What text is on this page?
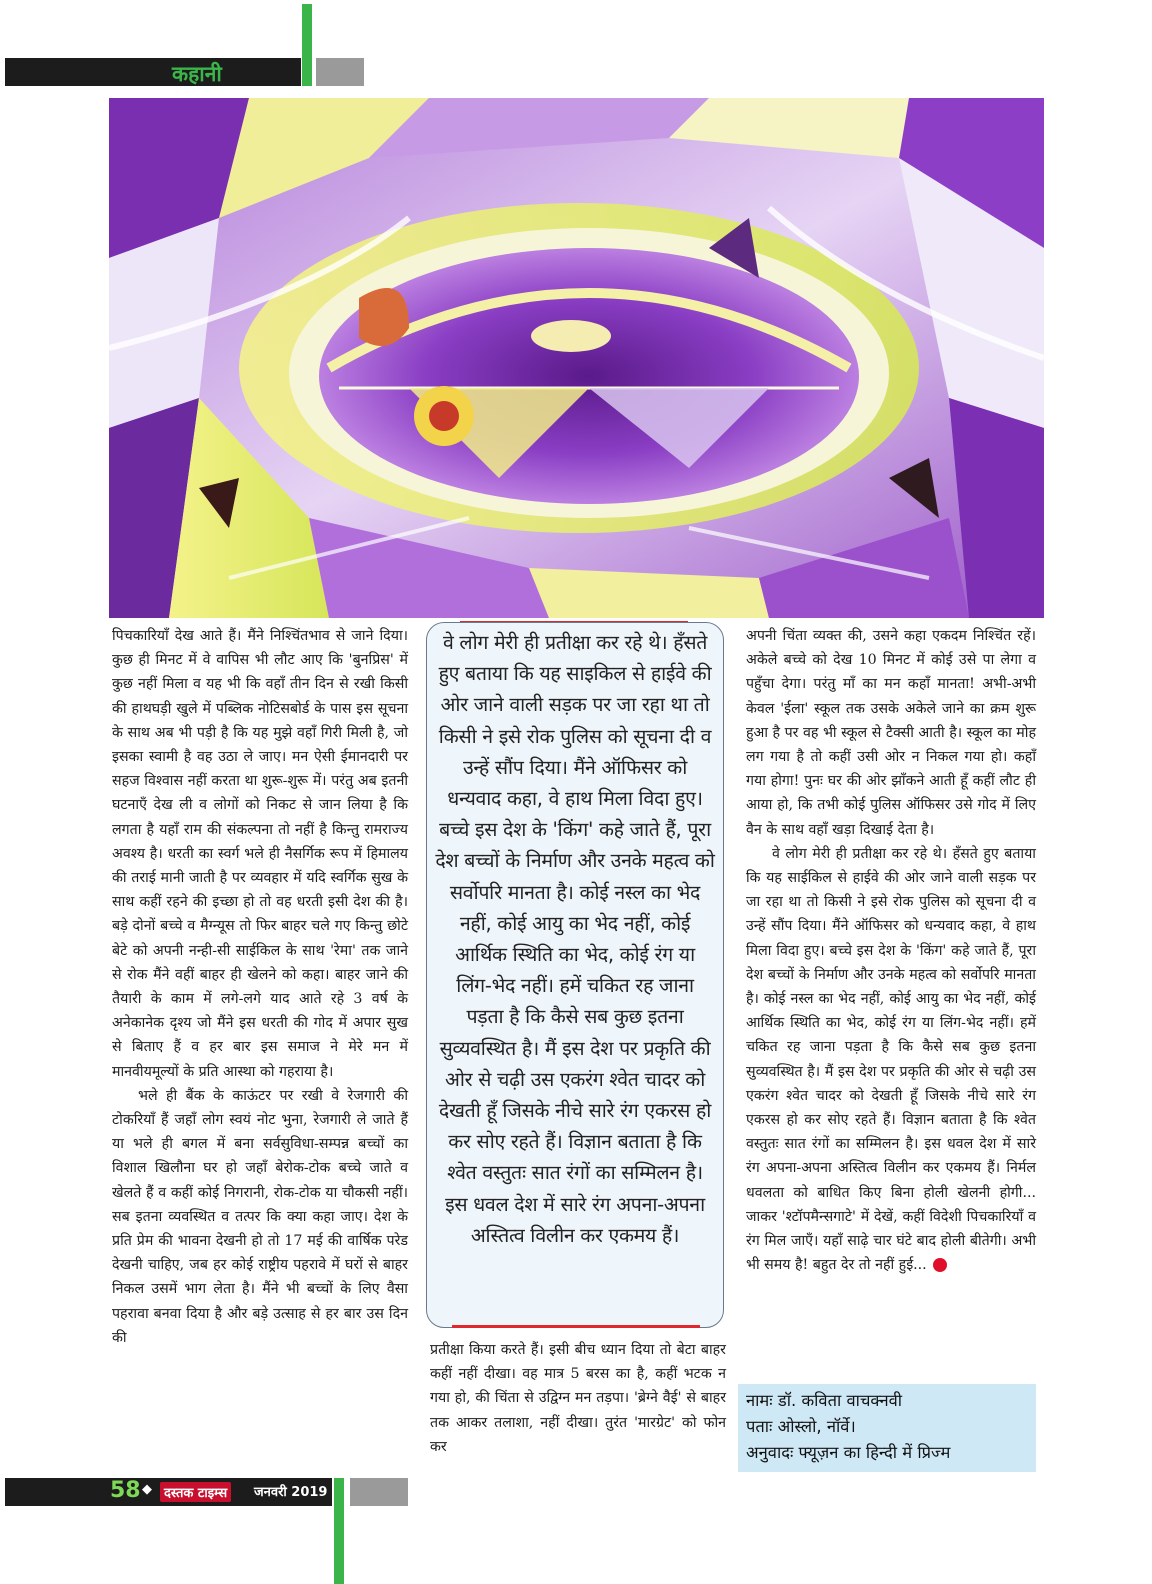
कहानी

पिचकारियाँ देख आते हैं। मैंने निश्चिंतभाव से जाने दिया। कुछ ही मिनट में वे वापिस भी लौट आए कि 'बुनप्रिस' में कुछ नहीं मिला व यह भी कि वहाँ तीन दिन से रखी किसी की हाथघड़ी खुले में पब्लिक नोटिसबोर्ड के पास इस सूचना के साथ अब भी पड़ी है कि यह मुझे वहाँ गिरी मिली है, जो इसका स्वामी है वह उठा ले जाए। मन ऐसी ईमानदारी पर सहज विश्वास नहीं करता था शुरू-शुरू में। परंतु अब इतनी घटनाएँ देख ली व लोगों को निकट से जान लिया है कि लगता है यहाँ राम की संकल्पना तो नहीं है किन्तु रामराज्य अवश्य है। धरती का स्वर्ग भले ही नैसर्गिक रूप में हिमालय की तराई मानी जाती है पर व्यवहार में यदि स्वर्गिक सुख के साथ कहीं रहने की इच्छा हो तो वह धरती इसी देश की है। बड़े दोनों बच्चे व मैग्न्यूस तो फिर बाहर चले गए किन्तु छोटे बेटे को अपनी नन्ही-सी साईकिल के साथ 'रेमा' तक जाने से रोक मैंने वहीं बाहर ही खेलने को कहा। बाहर जाने की तैयारी के काम में लगे-लगे याद आते रहे 3 वर्ष के अनेकानेक दृश्य जो मैंने इस धरती की गोद में अपार सुख से बिताए हैं व हर बार इस समाज ने मेरे मन में मानवीयमूल्यों के प्रति आस्था को गहराया है।

भले ही बैंक के काऊंटर पर रखी वे रेजगारी की टोकरियाँ हैं जहाँ लोग स्वयं नोट भुना, रेजगारी ले जाते हैं या भले ही बगल में बना सर्वसुविधा-सम्पन्न बच्चों का विशाल खिलौना घर हो जहाँ बेरोक-टोक बच्चे जाते व खेलते हैं व कहीं कोई निगरानी, रोक-टोक या चौकसी नहीं। सब इतना व्यवस्थित व तत्पर कि क्या कहा जाए। देश के प्रति प्रेम की भावना देखनी हो तो 17 मई की वार्षिक परेड देखनी चाहिए, जब हर कोई राष्ट्रीय पहरावे में घरों से बाहर निकल उसमें भाग लेता है। मैंने भी बच्चों के लिए वैसा पहरावा बनवा दिया है और बड़े उत्साह से हर बार उस दिन की

वे लोग मेरी ही प्रतीक्षा कर रहे थे। हँसते हुए बताया कि यह साइकिल से हाईवे की ओर जाने वाली सड़क पर जा रहा था तो किसी ने इसे रोक पुलिस को सूचना दी व उन्हें सौंप दिया। मैंने ऑफिसर को धन्यवाद कहा, वे हाथ मिला विदा हुए। बच्चे इस देश के 'किंग' कहे जाते हैं, पूरा देश बच्चों के निर्माण और उनके महत्व को सर्वोपरि मानता है। कोई नस्ल का भेद नहीं, कोई आयु का भेद नहीं, कोई आर्थिक स्थिति का भेद, कोई रंग या लिंग-भेद नहीं। हमें चकित रह जाना पड़ता है कि कैसे सब कुछ इतना सुव्यवस्थित है। मैं इस देश पर प्रकृति की ओर से चढ़ी उस एकरंग श्वेत चादर को देखती हूँ जिसके नीचे सारे रंग एकरस हो कर सोए रहते हैं। विज्ञान बताता है कि श्वेत वस्तुतः सात रंगों का सम्मिलन है। इस धवल देश में सारे रंग अपना-अपना अस्तित्व विलीन कर एकमय हैं।

प्रतीक्षा किया करते हैं। इसी बीच ध्यान दिया तो बेटा बाहर कहीं नहीं दीखा। वह मात्र 5 बरस का है, कहीं भटक न गया हो, की चिंता से उद्विग्न मन तड़पा। 'ब्रेग्ने वैई' से बाहर तक आकर तलाशा, नहीं दीखा। तुरंत 'मारग्रेट' को फोन कर

अपनी चिंता व्यक्त की, उसने कहा एकदम निश्चिंत रहें। अकेले बच्चे को देख 10 मिनट में कोई उसे पा लेगा व पहुँचा देगा। परंतु माँ का मन कहाँ मानता! अभी-अभी केवल 'ईला' स्कूल तक उसके अकेले जाने का क्रम शुरू हुआ है पर वह भी स्कूल से टैक्सी आती है। स्कूल का मोह लग गया है तो कहीं उसी ओर न निकल गया हो। कहाँ गया होगा! पुनः घर की ओर झाँकने आती हूँ कहीं लौट ही आया हो, कि तभी कोई पुलिस ऑफिसर उसे गोद में लिए वैन के साथ वहाँ खड़ा दिखाई देता है।

वे लोग मेरी ही प्रतीक्षा कर रहे थे। हँसते हुए बताया कि यह साईकिल से हाईवे की ओर जाने वाली सड़क पर जा रहा था तो किसी ने इसे रोक पुलिस को सूचना दी व उन्हें सौंप दिया। मैंने ऑफिसर को धन्यवाद कहा, वे हाथ मिला विदा हुए। बच्चे इस देश के 'किंग' कहे जाते हैं, पूरा देश बच्चों के निर्माण और उनके महत्व को सर्वोपरि मानता है। कोई नस्ल का भेद नहीं, कोई आयु का भेद नहीं, कोई आर्थिक स्थिति का भेद, कोई रंग या लिंग-भेद नहीं। हमें चकित रह जाना पड़ता है कि कैसे सब कुछ इतना सुव्यवस्थित है। मैं इस देश पर प्रकृति की ओर से चढ़ी उस एकरंग श्वेत चादर को देखती हूँ जिसके नीचे सारे रंग एकरस हो कर सोए रहते हैं। विज्ञान बताता है कि श्वेत वस्तुतः सात रंगों का सम्मिलन है। इस धवल देश में सारे रंग अपना-अपना अस्तित्व विलीन कर एकमय हैं। निर्मल धवलता को बाधित किए बिना होली खेलनी होगी... जाकर 'श्टॉपमैन्सगाटे' में देखें, कहीं विदेशी पिचकारियाँ व रंग मिल जाएँ। यहाँ साढ़े चार घंटे बाद होली बीतेगी। अभी भी समय है! बहुत देर तो नहीं हुई...

नामः डॉ. कविता वाचक्नवी
पताः ओस्लो, नॉर्वे।
अनुवादः फ्यूज़न का हिन्दी में प्रिज्म
58 ◆ दस्तक टाइम्स	जनवरी 2019
